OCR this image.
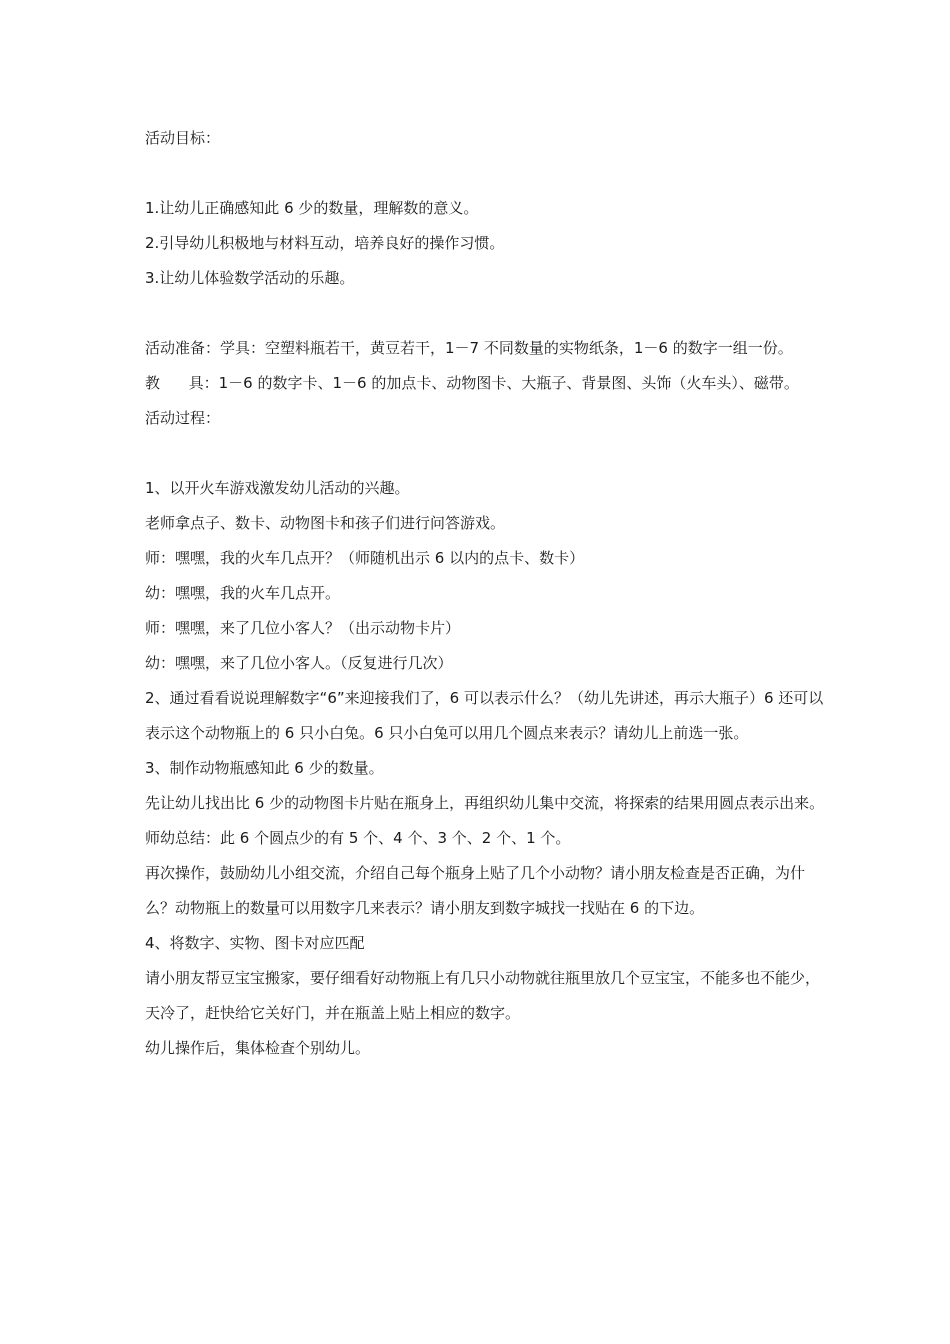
活动目标：

1.让幼儿正确感知此 6 少的数量，理解数的意义。

2.引导幼儿积极地与材料互动，培养良好的操作习惯。

3.让幼儿体验数学活动的乐趣。

活动准备：学具：空塑料瓶若干，黄豆若干，1－7 不同数量的实物纸条，1－6 的数字一组一份。

教      具：1－6 的数字卡、1－6 的加点卡、动物图卡、大瓶子、背景图、头饰（火车头）、磁带。

活动过程：

1、以开火车游戏激发幼儿活动的兴趣。

老师拿点子、数卡、动物图卡和孩子们进行问答游戏。

师：嘿嘿，我的火车几点开？（师随机出示 6 以内的点卡、数卡）

幼：嘿嘿，我的火车几点开。

师：嘿嘿，来了几位小客人？（出示动物卡片）

幼：嘿嘿，来了几位小客人。（反复进行几次）

2、通过看看说说理解数字“6”来迎接我们了，6 可以表示什么？（幼儿先讲述，再示大瓶子）6 还可以表示这个动物瓶上的 6 只小白兔。6 只小白兔可以用几个圆点来表示？请幼儿上前选一张。

3、制作动物瓶感知此 6 少的数量。

先让幼儿找出比 6 少的动物图卡片贴在瓶身上，再组织幼儿集中交流，将探索的结果用圆点表示出来。

师幼总结：此 6 个圆点少的有 5 个、4 个、3 个、2 个、1 个。

再次操作，鼓励幼儿小组交流，介绍自己每个瓶身上贴了几个小动物？请小朋友检查是否正确，为什么？动物瓶上的数量可以用数字几来表示？请小朋友到数字城找一找贴在 6 的下边。

4、将数字、实物、图卡对应匹配

请小朋友帮豆宝宝搬家，要仔细看好动物瓶上有几只小动物就往瓶里放几个豆宝宝，不能多也不能少，天冷了，赶快给它关好门，并在瓶盖上贴上相应的数字。

幼儿操作后，集体检查个别幼儿。
